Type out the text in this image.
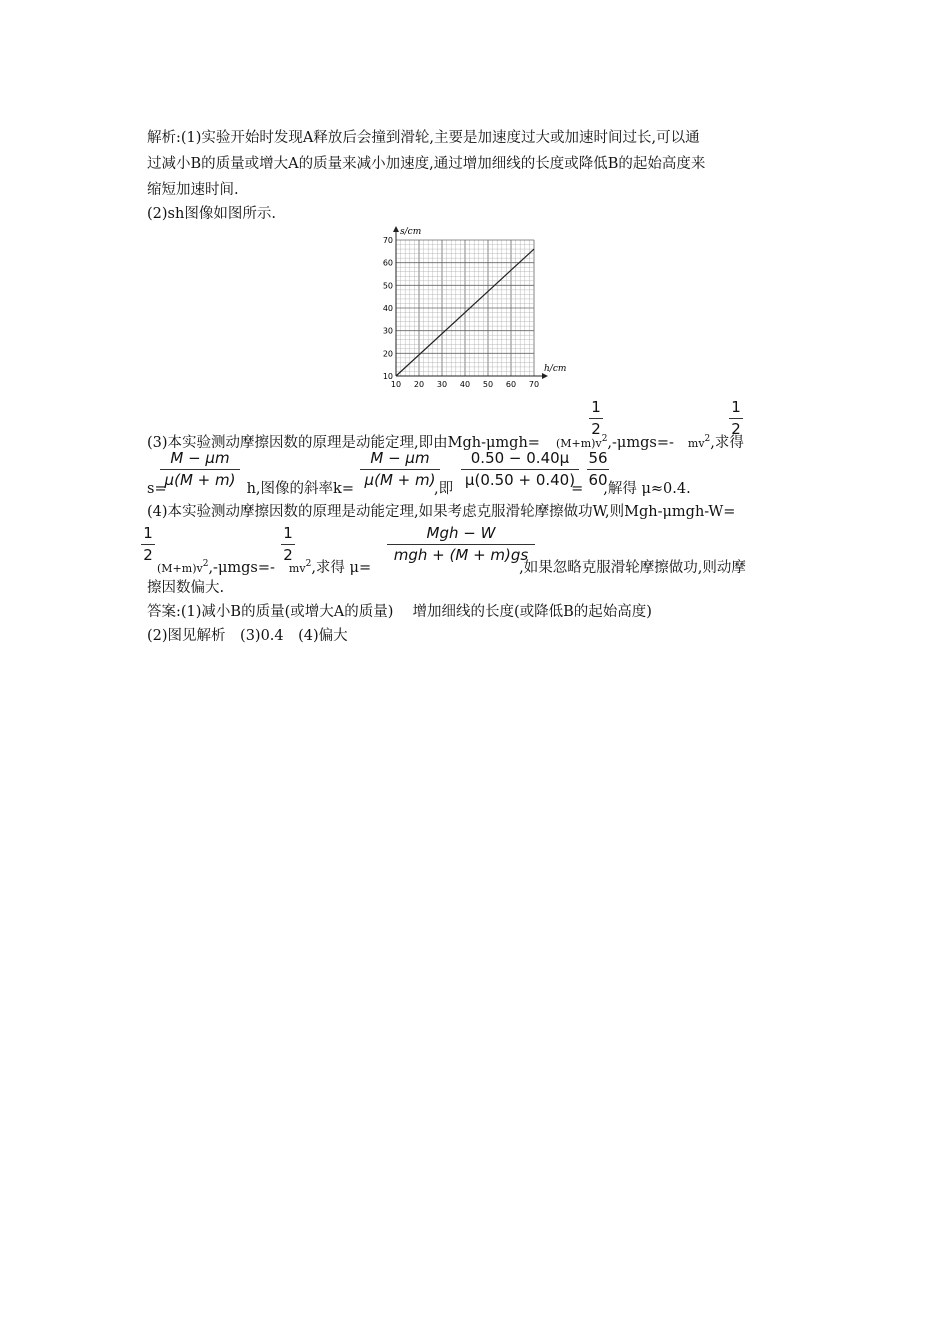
解析:(1)实验开始时发现A释放后会撞到滑轮,主要是加速度过大或加速时间过长,可以通
过减小B的质量或增大A的质量来减小加速度,通过增加细线的长度或降低B的起始高度来
缩短加速时间.
(2)sh图像如图所示.
10 20 30 40 50 60 70
70
60
50
40
30
20
10
s/cm
h/cm
$\frac{1}{2}$	$\frac{1}{2}$
(3)本实验测动摩擦因数的原理是动能定理,即由$Mgh-\mu mgh= (M+m)v^2,-\mu mgs=-$ $mv^2$,求得
$\frac{M - \mu m}{\mu(M + m)}$	$\frac{M - \mu m}{\mu(M + m)} \frac{0.50 - 0.40\mu}{\mu(0.50 + 0.40)} \frac{56}{60}$
s=	h,图像的斜率k=	,即	= ,解得 μ≈0.4.
(4)本实验测动摩擦因数的原理是动能定理,如果考虑克服滑轮摩擦做功W,则Mgh-μmgh-W=
$\frac{1}{2}$	$\frac{1}{2}$	Mgh − W
mgh + (M + m)gs
$(M+m)v^2,-\mu mgs=-$ $mv^2$,求得 μ=	,如果忽略克服滑轮摩擦做功,则动摩
擦因数偏大.
答案:(1)减小B的质量(或增大A的质量)　 增加细线的长度(或降低B的起始高度)
(2)图见解析　(3)0.4　(4)偏大
